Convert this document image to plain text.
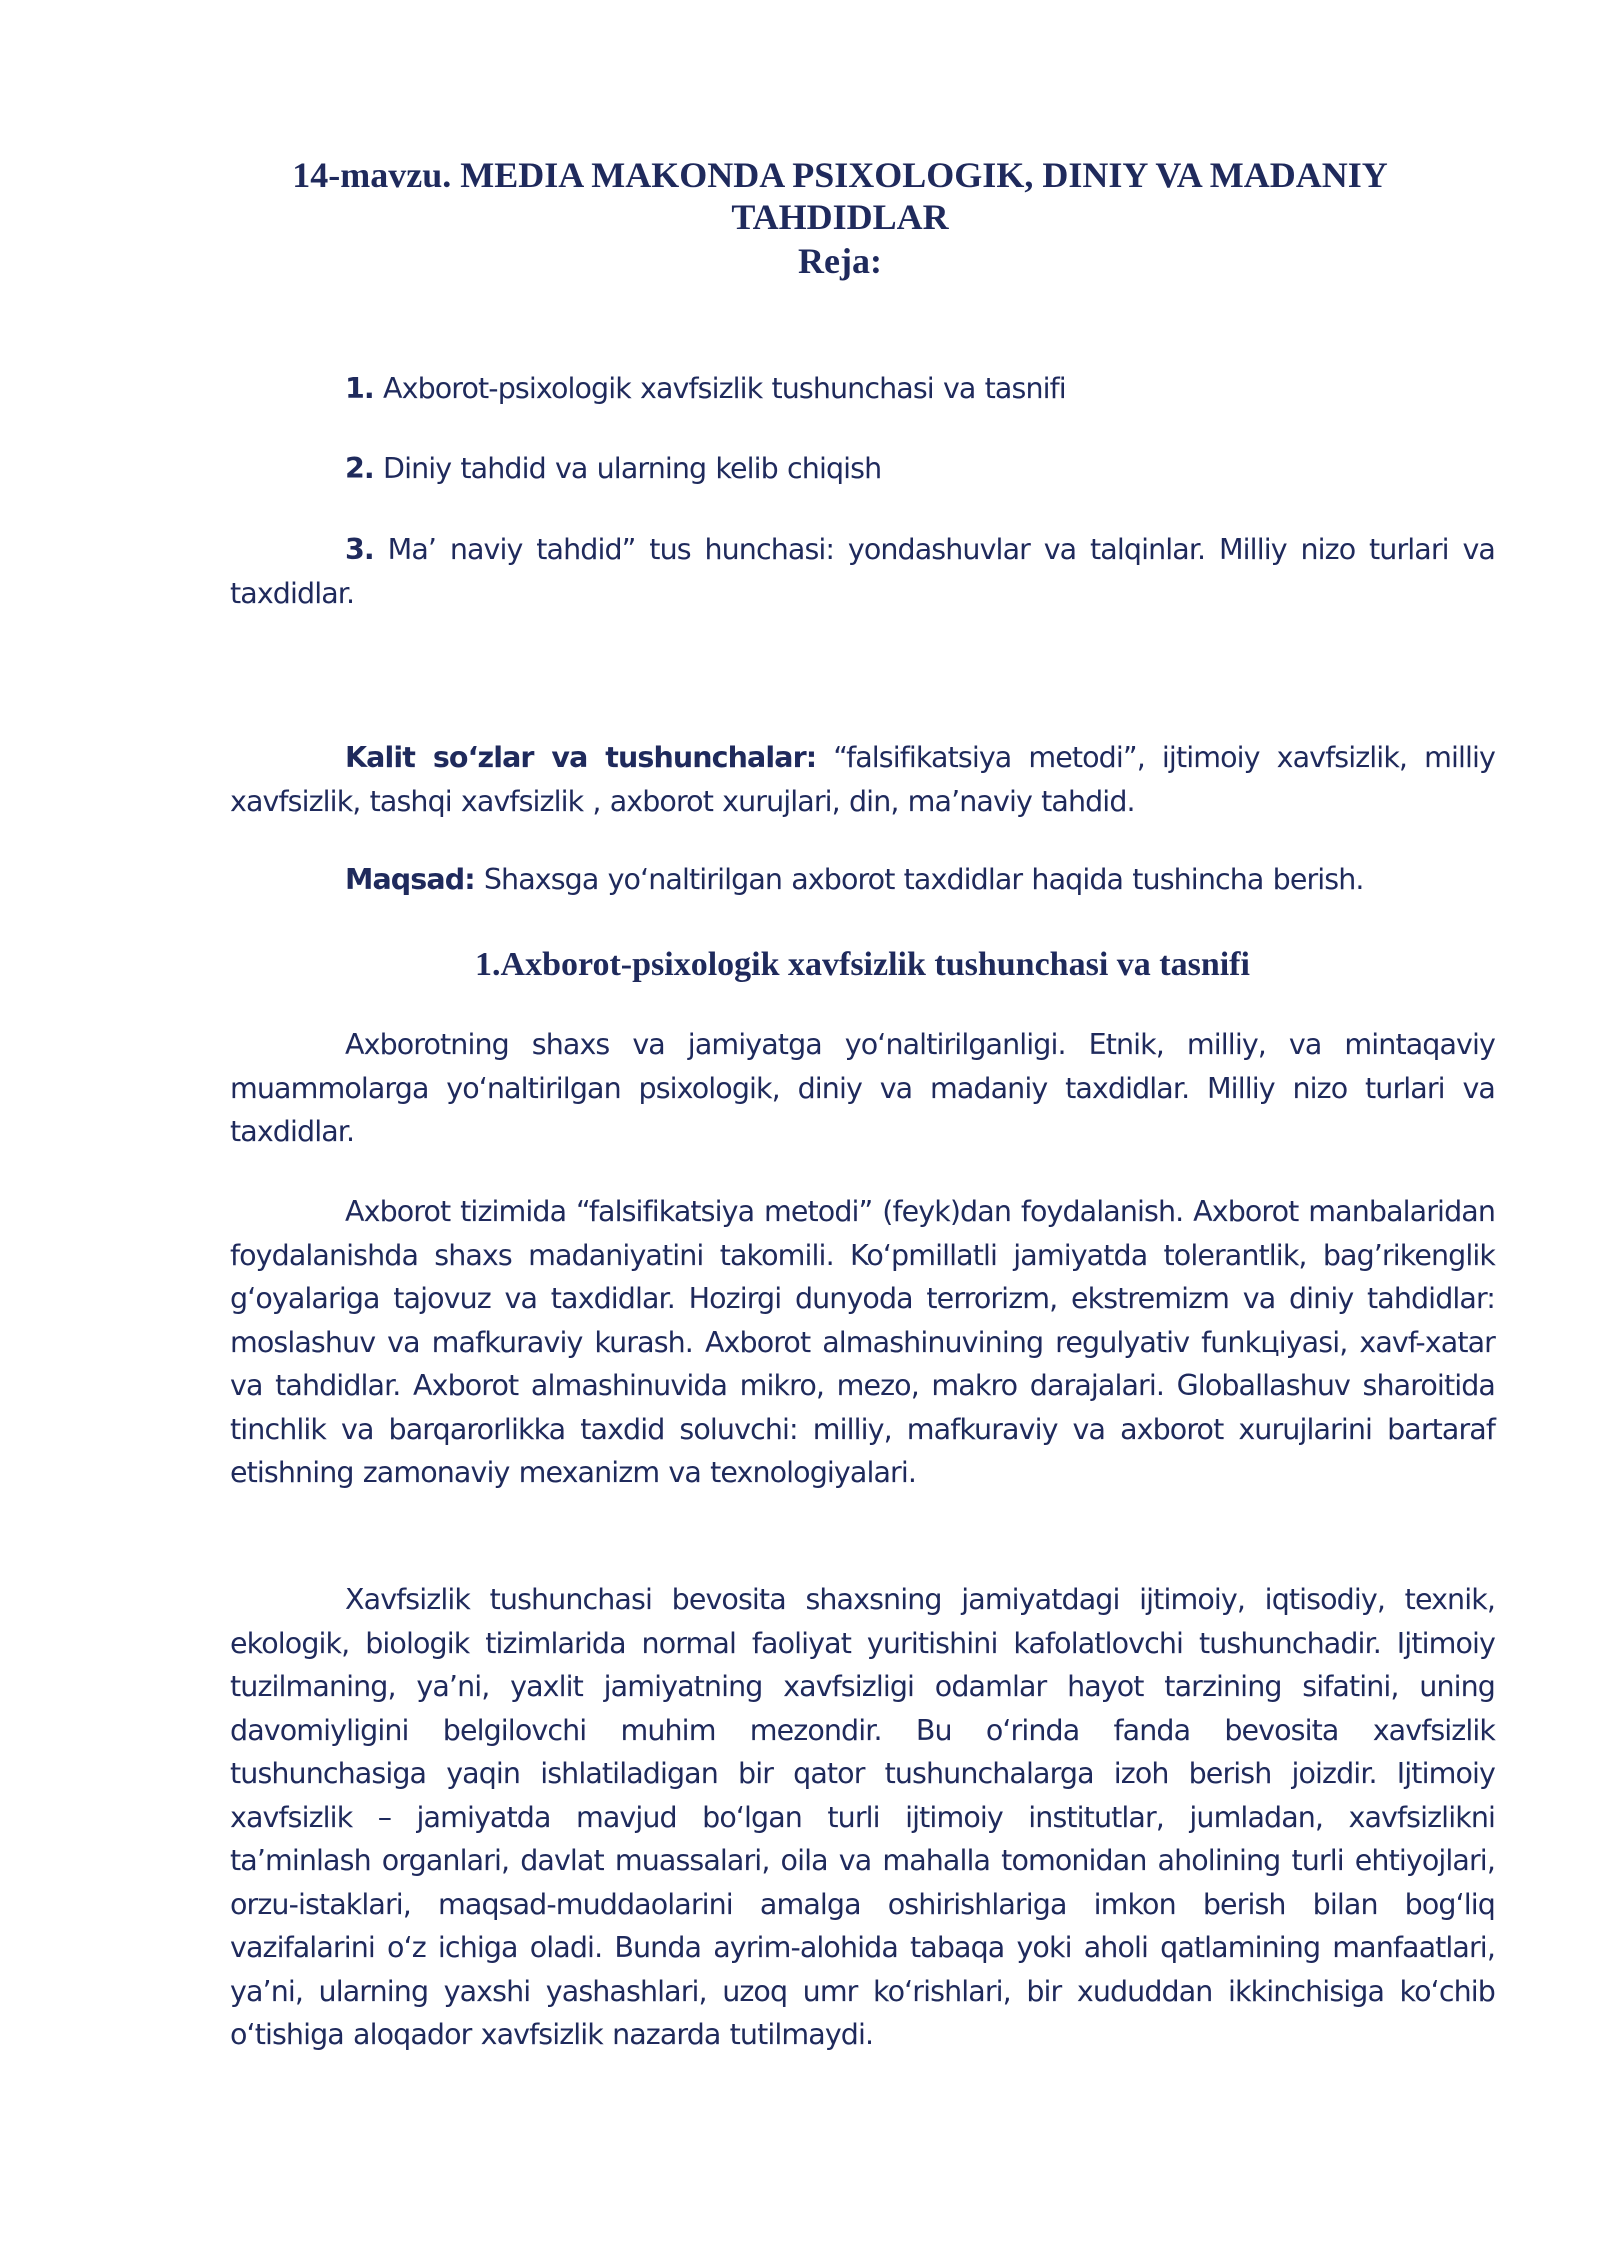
14-mavzu. MEDIA MAKONDA PSIXOLOGIK, DINIY VA MADANIY
TAHDIDLAR
Reja:

1. Axborot-psixologik xavfsizlik tushunchasi va tasnifi

2. Diniy tahdid va ularning kelib chiqish

3. Ma’ naviy tahdid” tus hunchasi: yondashuvlar va talqinlar. Milliy nizo turlari va taxdidlar.

Kalit so‘zlar va tushunchalar: “falsifikatsiya metodi”, ijtimoiy xavfsizlik, milliy xavfsizlik, tashqi xavfsizlik , axborot xurujlari, din, ma’naviy tahdid.

Maqsad: Shaxsga yo‘naltirilgan axborot taxdidlar haqida tushincha berish.

1.Axborot-psixologik xavfsizlik tushunchasi va tasnifi

Axborotning shaxs va jamiyatga yo‘naltirilganligi. Etnik, milliy, va mintaqaviy muammolarga yo‘naltirilgan psixologik, diniy va madaniy taxdidlar. Milliy nizo turlari va taxdidlar.

Axborot tizimida “falsifikatsiya metodi” (feyk)dan foydalanish. Axborot manbalaridan foydalanishda shaxs madaniyatini takomili. Ko‘pmillatli jamiyatda tolerantlik, bag’rikenglik g‘oyalariga tajovuz va taxdidlar. Hozirgi dunyoda terrorizm, ekstremizm va diniy tahdidlar: moslashuv va mafkuraviy kurash. Axborot almashinuvining regulyativ funkцiyasi, xavf-xatar va tahdidlar. Axborot almashinuvida mikro, mezo, makro darajalari. Globallashuv sharoitida tinchlik va barqarorlikka taxdid soluvchi: milliy, mafkuraviy va axborot xurujlarini bartaraf etishning zamonaviy mexanizm va texnologiyalari.

Xavfsizlik tushunchasi bevosita shaxsning jamiyatdagi ijtimoiy, iqtisodiy, texnik, ekologik, biologik tizimlarida normal faoliyat yuritishini kafolatlovchi tushunchadir. Ijtimoiy tuzilmaning, ya’ni, yaxlit jamiyatning xavfsizligi odamlar hayot tarzining sifatini, uning davomiyligini belgilovchi muhim mezondir. Bu o‘rinda fanda bevosita xavfsizlik tushunchasiga yaqin ishlatiladigan bir qator tushunchalarga izoh berish joizdir. Ijtimoiy xavfsizlik – jamiyatda mavjud bo‘lgan turli ijtimoiy institutlar, jumladan, xavfsizlikni ta’minlash organlari, davlat muassalari, oila va mahalla tomonidan aholining turli ehtiyojlari, orzu-istaklari, maqsad-muddaolarini amalga oshirishlariga imkon berish bilan bog‘liq vazifalarini o‘z ichiga oladi. Bunda ayrim-alohida tabaqa yoki aholi qatlamining manfaatlari, ya’ni, ularning yaxshi yashashlari, uzoq umr ko‘rishlari, bir xududdan ikkinchisiga ko‘chib o‘tishiga aloqador xavfsizlik nazarda tutilmaydi.
